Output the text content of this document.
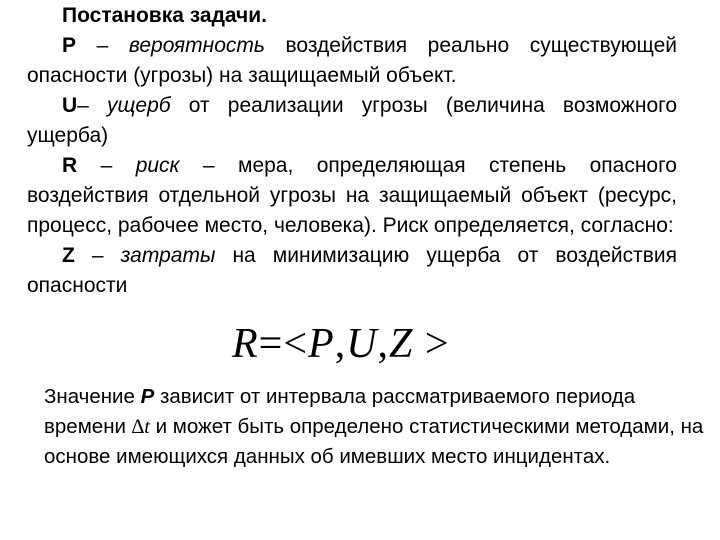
Постановка задачи.

P – вероятность воздействия реально существующей опасности (угрозы) на защищаемый объект.

U– ущерб от реализации угрозы (величина возможного ущерба)

R – риск – мера, определяющая степень опасного воздействия отдельной угрозы на защищаемый объект (ресурс, процесс, рабочее место, человека). Риск определяется, согласно:

Z – затраты на минимизацию ущерба от воздействия опасности

R=<P,U,Z >

Значение P зависит от интервала рассматриваемого периода времени ∆t и может быть определено статистическими методами, на основе имеющихся данных об имевших место инцидентах.
